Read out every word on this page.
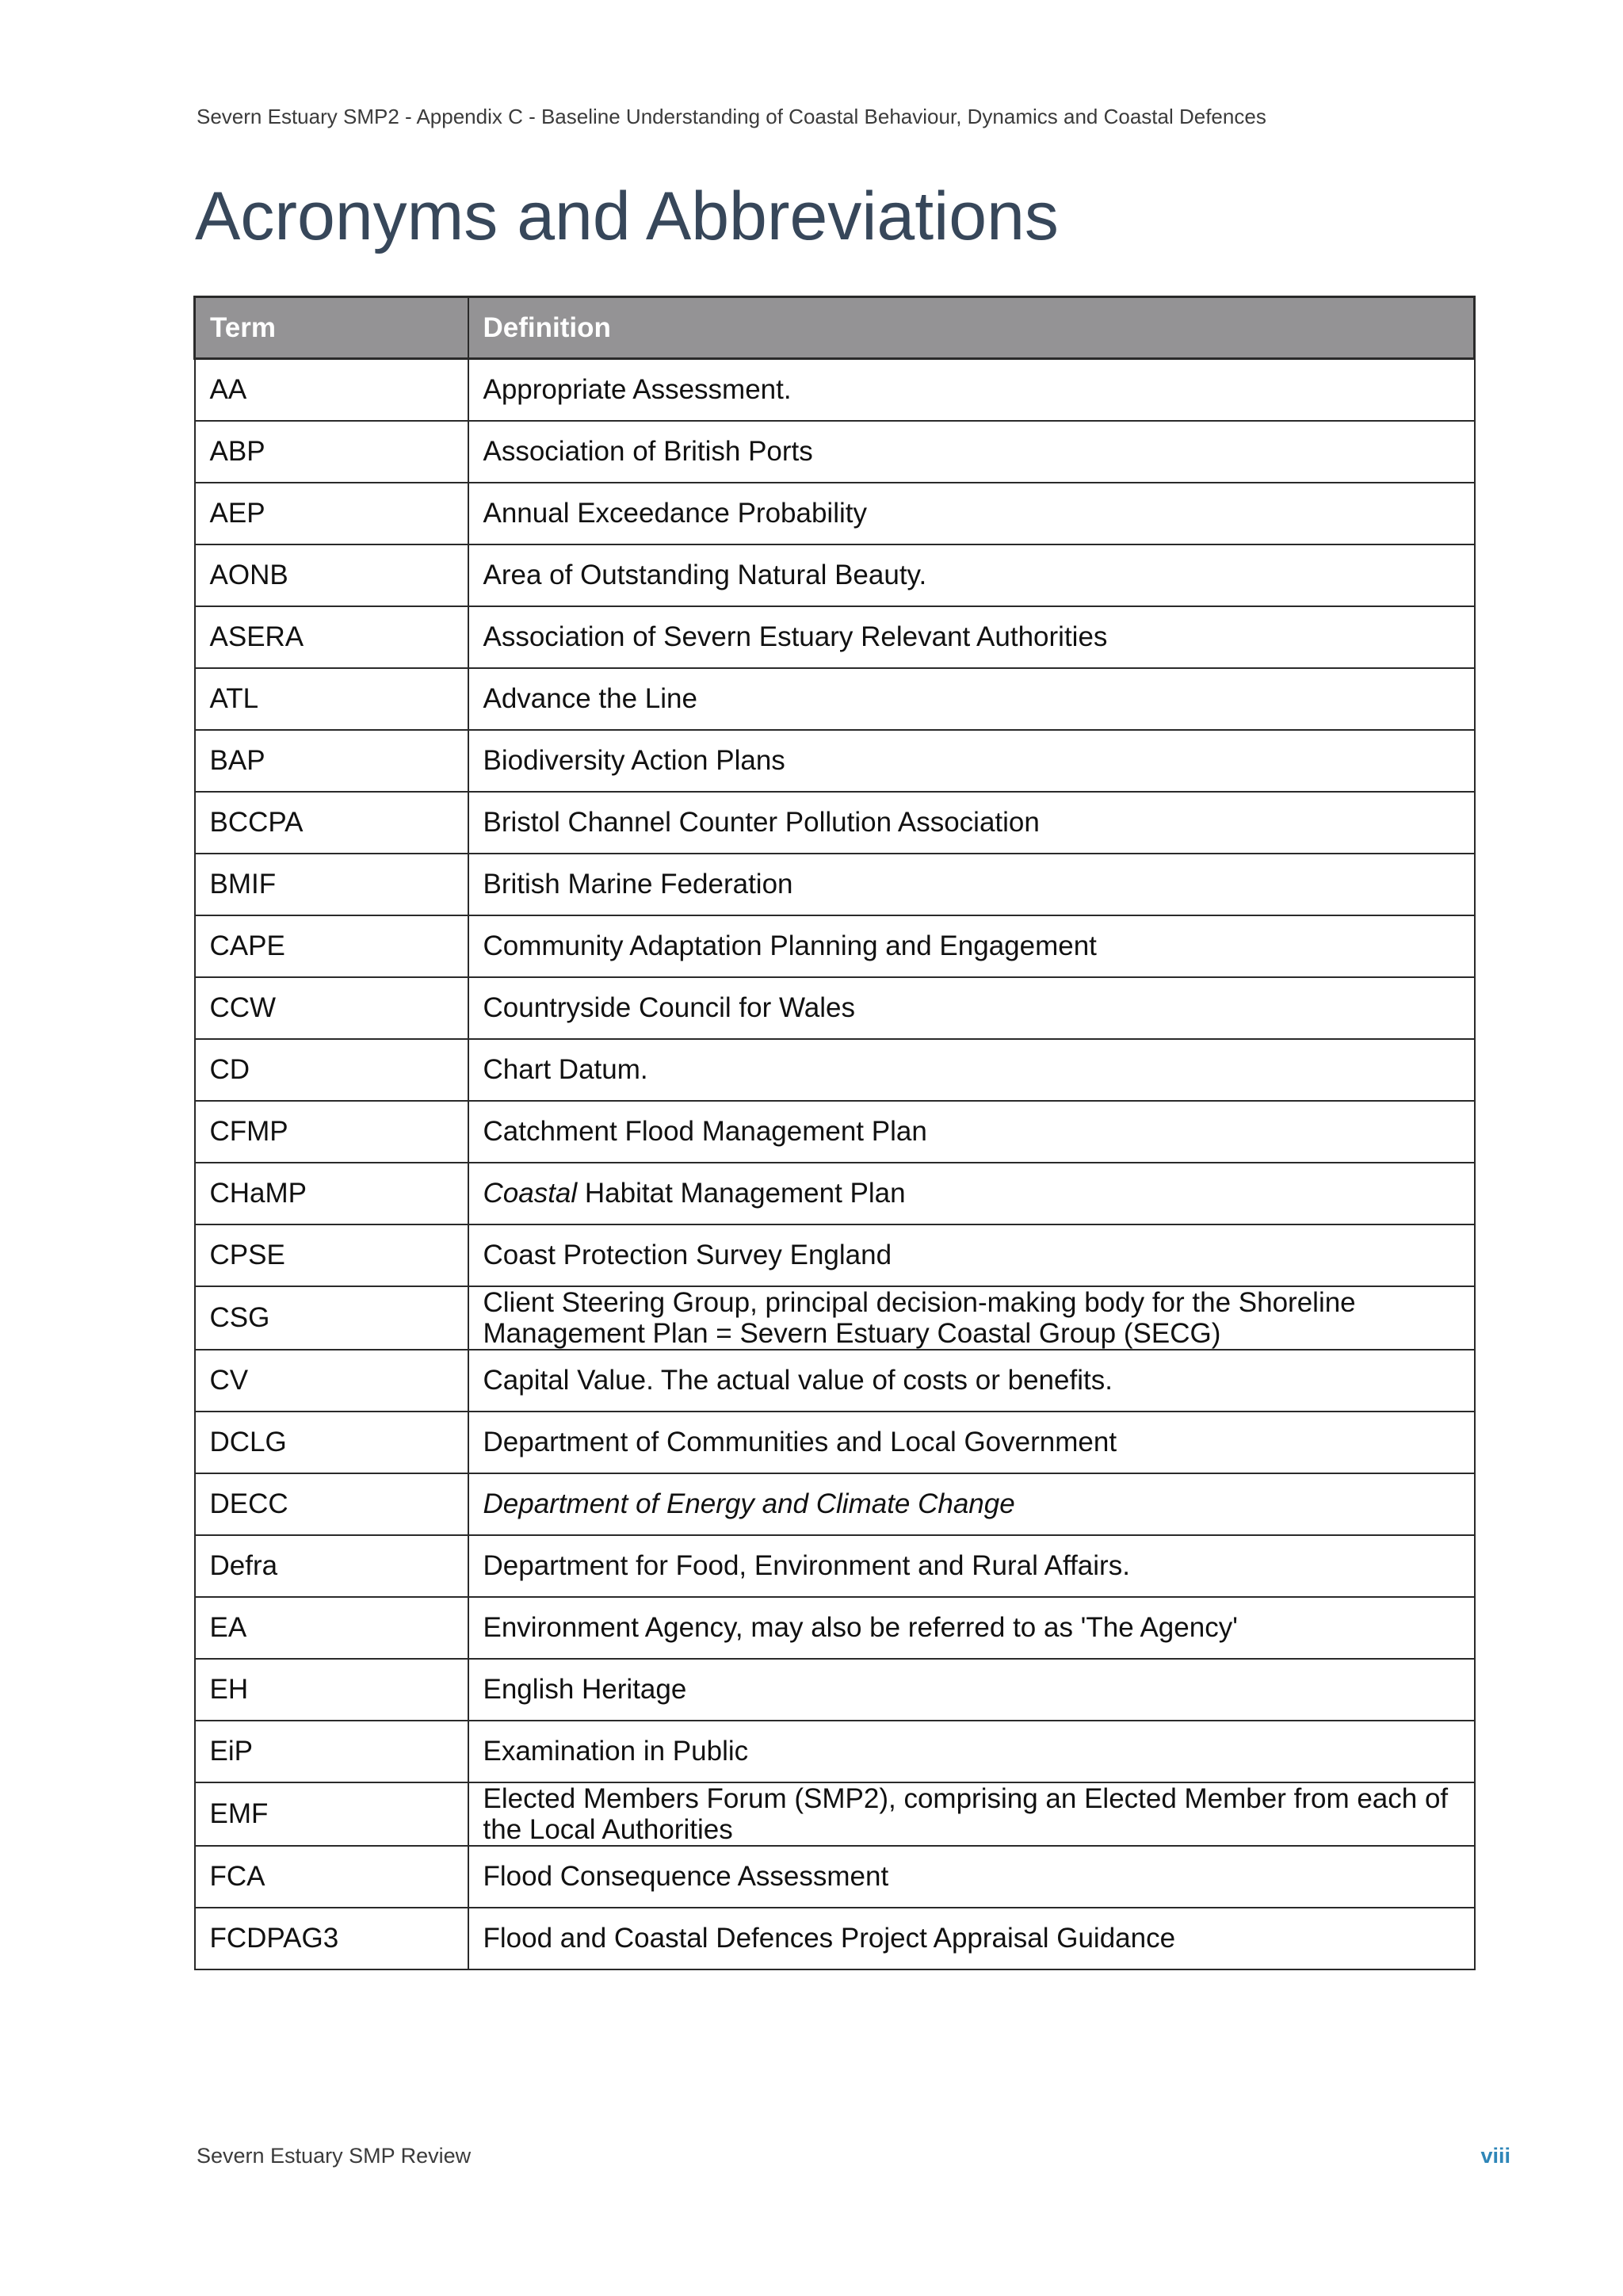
Severn Estuary SMP2 - Appendix C - Baseline Understanding of Coastal Behaviour, Dynamics and Coastal Defences
Acronyms and Abbreviations
Term	Definition
AA	Appropriate Assessment.
ABP	Association of British Ports
AEP	Annual Exceedance Probability
AONB	Area of Outstanding Natural Beauty.
ASERA	Association of Severn Estuary Relevant Authorities
ATL	Advance the Line
BAP	Biodiversity Action Plans
BCCPA	Bristol Channel Counter Pollution Association
BMIF	British Marine Federation
CAPE	Community Adaptation Planning and Engagement
CCW	Countryside Council for Wales
CD	Chart Datum.
CFMP	Catchment Flood Management Plan
CHaMP	Coastal Habitat Management Plan
CPSE	Coast Protection Survey England
CSG	Client Steering Group, principal decision-making body for the Shoreline
Management Plan = Severn Estuary Coastal Group (SECG)
CV	Capital Value. The actual value of costs or benefits.
DCLG	Department of Communities and Local Government
DECC	Department of Energy and Climate Change
Defra	Department for Food, Environment and Rural Affairs.
EA	Environment Agency, may also be referred to as 'The Agency'
EH	English Heritage
EiP	Examination in Public
EMF	Elected Members Forum (SMP2), comprising an Elected Member from each of
the Local Authorities
FCA	Flood Consequence Assessment
FCDPAG3	Flood and Coastal Defences Project Appraisal Guidance
Severn Estuary SMP Review	viii
